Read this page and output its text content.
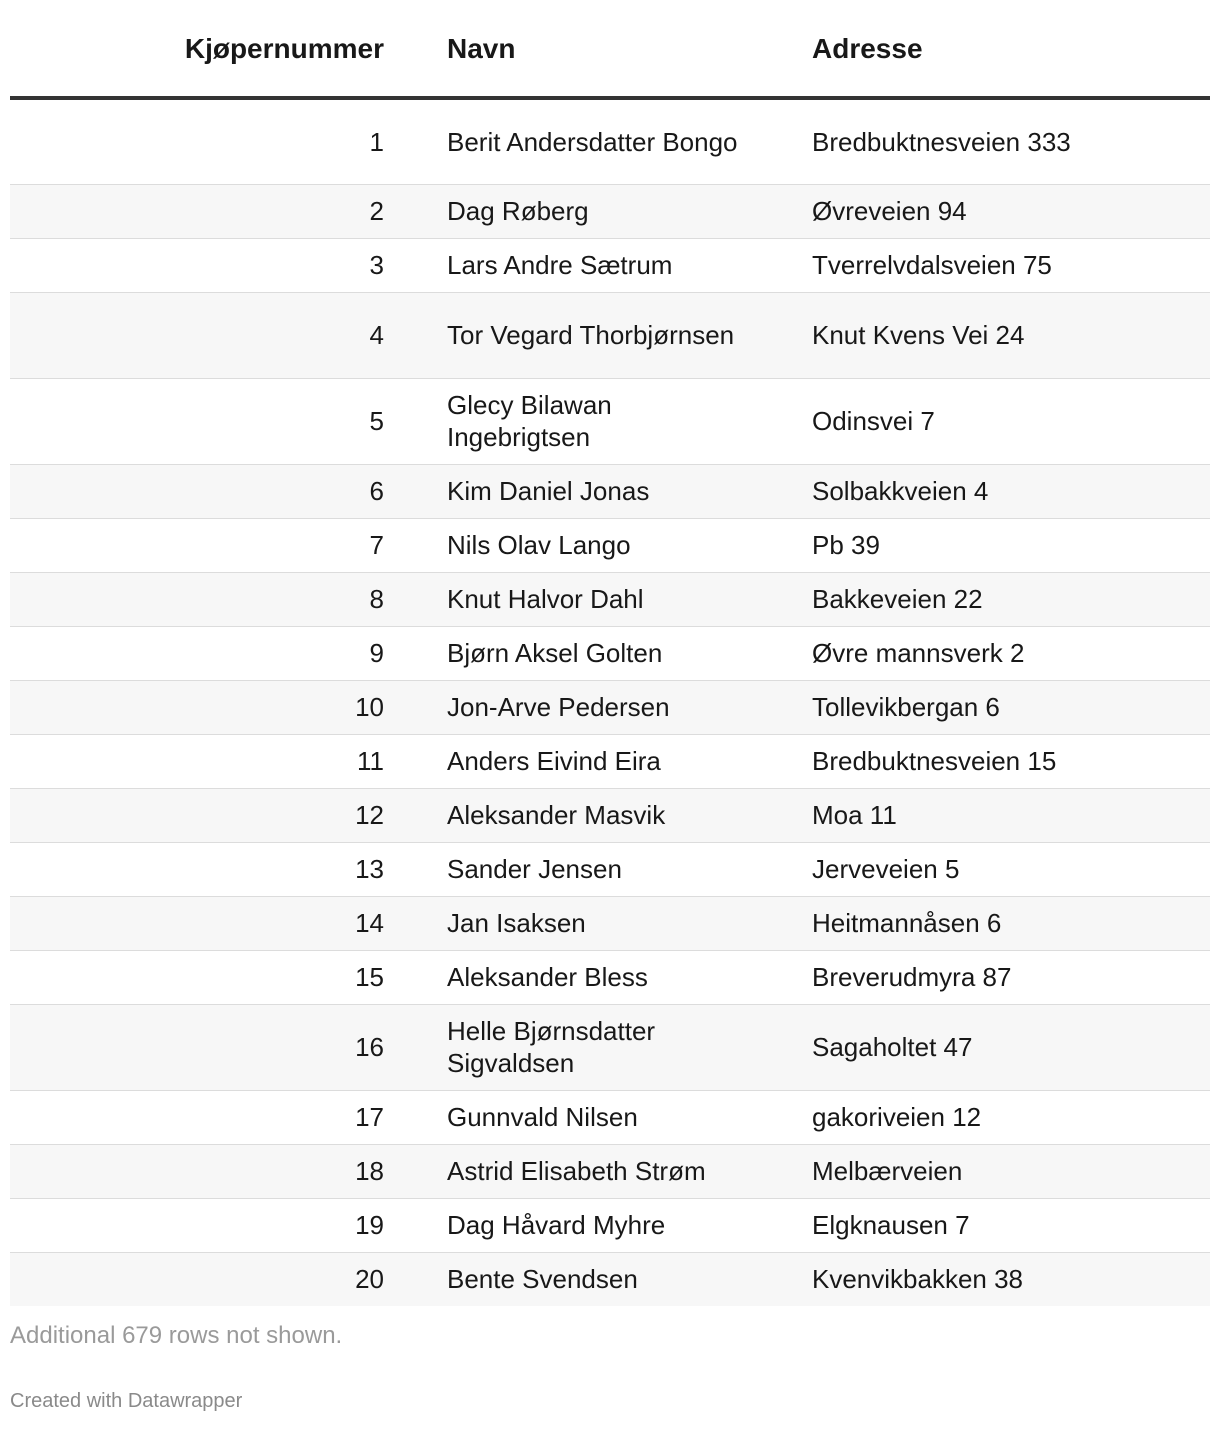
Kjøpernummer	Navn	Adresse
1	Berit Andersdatter Bongo	Bredbuktnesveien 333
2	Dag Røberg	Øvreveien 94
3	Lars Andre Sætrum	Tverrelvdalsveien 75
4	Tor Vegard Thorbjørnsen	Knut Kvens Vei 24
5	Glecy Bilawan Ingebrigtsen	Odinsvei 7
6	Kim Daniel Jonas	Solbakkveien 4
7	Nils Olav Lango	Pb 39
8	Knut Halvor Dahl	Bakkeveien 22
9	Bjørn Aksel Golten	Øvre mannsverk 2
10	Jon-Arve Pedersen	Tollevikbergan 6
11	Anders Eivind Eira	Bredbuktnesveien 15
12	Aleksander Masvik	Moa 11
13	Sander Jensen	Jerveveien 5
14	Jan Isaksen	Heitmannåsen 6
15	Aleksander Bless	Breverudmyra 87
16	Helle Bjørnsdatter Sigvaldsen	Sagaholtet 47
17	Gunnvald Nilsen	gakoriveien 12
18	Astrid Elisabeth Strøm	Melbærveien
19	Dag Håvard Myhre	Elgknausen 7
20	Bente Svendsen	Kvenvikbakken 38
Additional 679 rows not shown.
Created with Datawrapper
